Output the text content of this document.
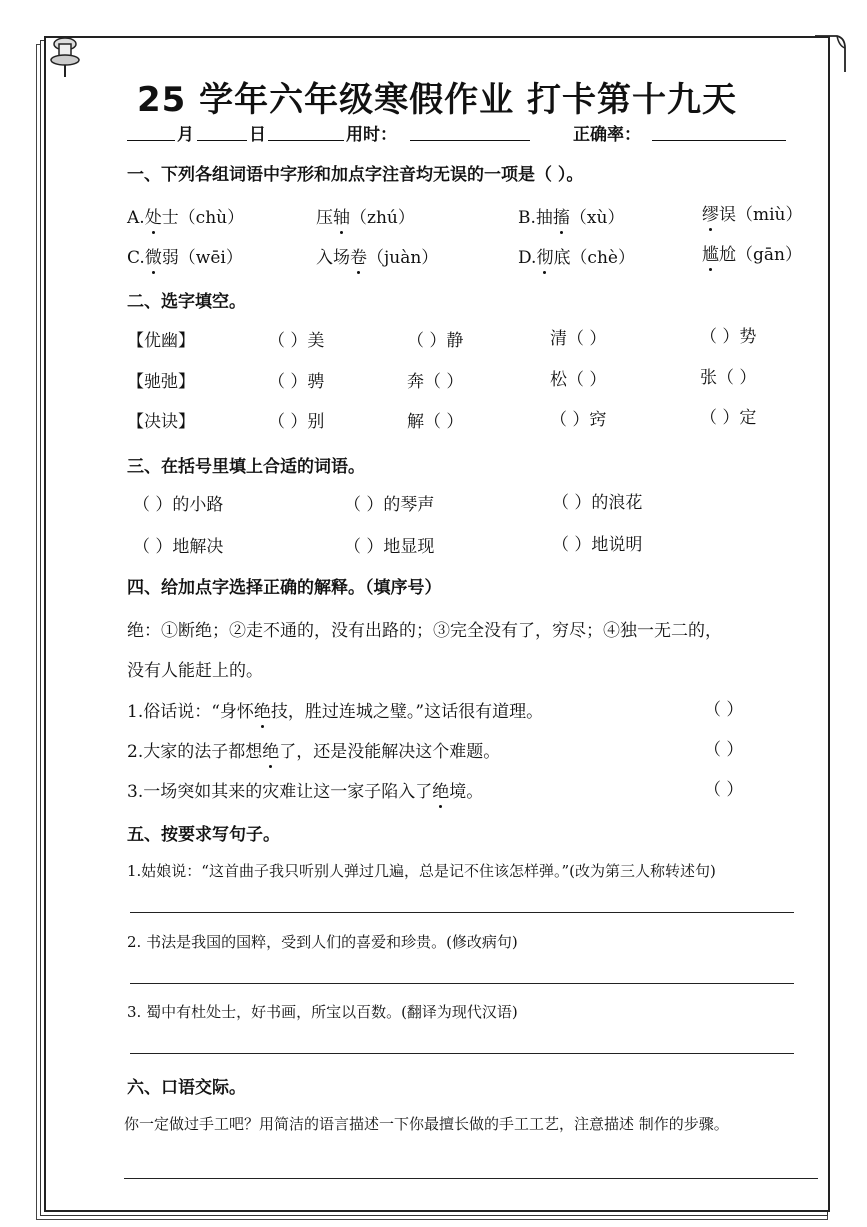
25 学年六年级寒假作业 打卡第十九天
月	日	用时：	正确率：
一、下列各组词语中字形和加点字注音均无误的一项是（ ）。
A.处士（chù）	压轴（zhú）	B.抽搐（xù）	缪误（miù）
C.微弱（wēi）	入场卷（juàn）	D.彻底（chè）	尴尬（gān）
二、选字填空。
【优幽】	（ ）美	（ ）静	清（ ）	（ ）势
【驰弛】	（ ）骋	奔（ ）	松（ ）	张（ ）
【决诀】	（ ）别	解（ ）	（ ）窍	（ ）定
三、在括号里填上合适的词语。
（ ）的小路	（ ）的琴声	（ ）的浪花
（ ）地解决	（ ）地显现	（ ）地说明
四、给加点字选择正确的解释。（填序号）
绝：①断绝；②走不通的，没有出路的；③完全没有了，穷尽；④独一无二的，
没有人能赶上的。
1.俗话说：“身怀绝技，胜过连城之璧。”这话很有道理。	（ ）
2.大家的法子都想绝了，还是没能解决这个难题。	（ ）
3.一场突如其来的灾难让这一家子陷入了绝境。	（ ）
五、按要求写句子。
1.姑娘说：“这首曲子我只听别人弹过几遍，总是记不住该怎样弹。”(改为第三人称转述句)
2. 书法是我国的国粹，受到人们的喜爱和珍贵。(修改病句)
3. 蜀中有杜处士，好书画，所宝以百数。(翻译为现代汉语)
六、口语交际。
你一定做过手工吧？用简洁的语言描述一下你最擅长做的手工工艺，注意描述 制作的步骤。
